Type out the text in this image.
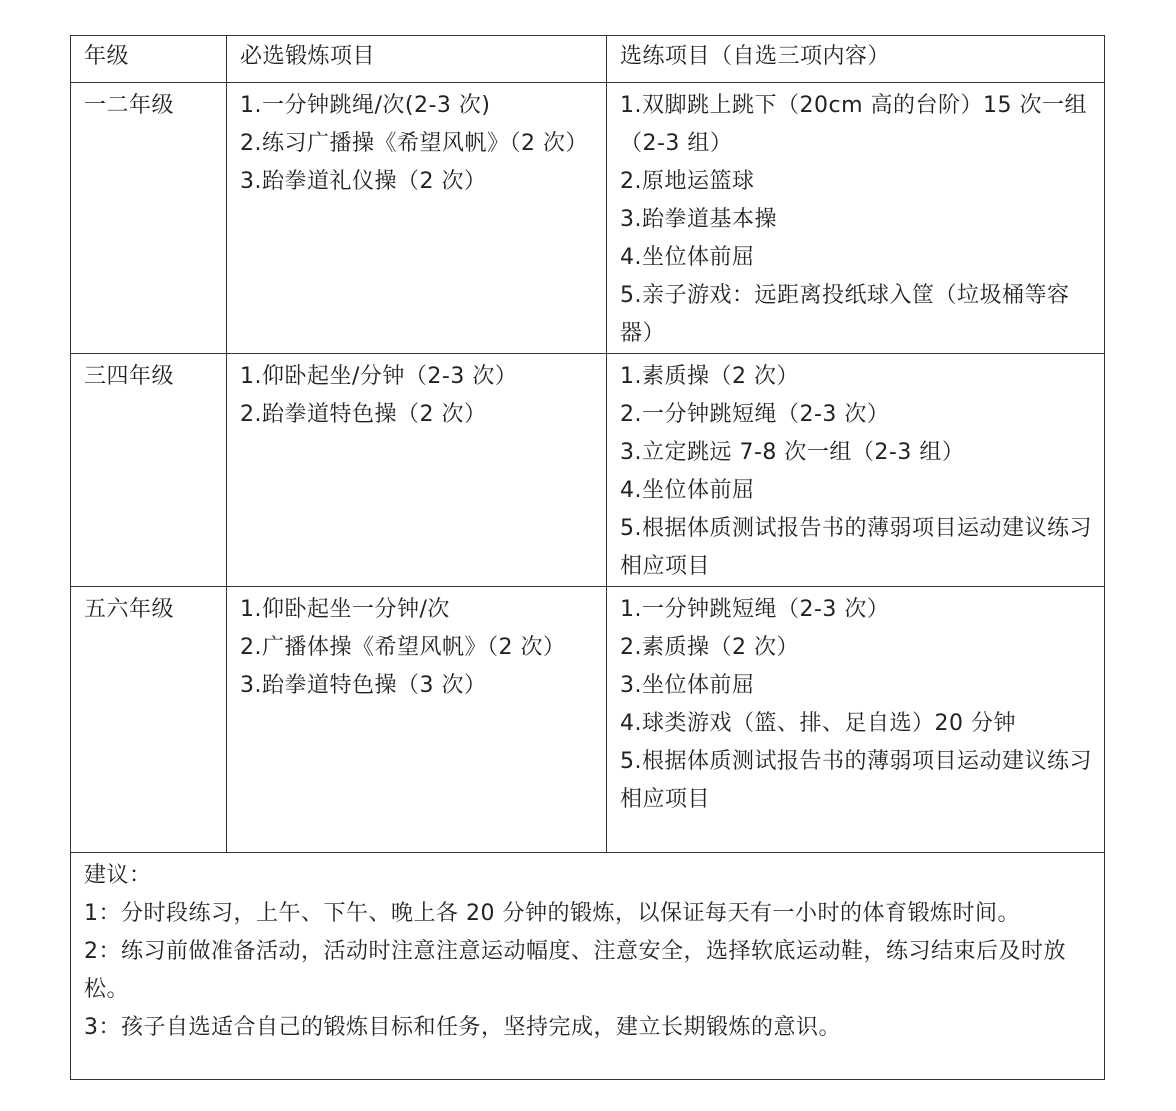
年级	必选锻炼项目	选练项目（自选三项内容）

一二年级	1.一分钟跳绳/次(2-3 次)
2.练习广播操《希望风帆》（2 次）
3.跆拳道礼仪操（2 次）	1.双脚跳上跳下（20cm 高的台阶）15 次一组（2-3 组）
2.原地运篮球
3.跆拳道基本操
4.坐位体前屈
5.亲子游戏：远距离投纸球入筐（垃圾桶等容器）

三四年级	1.仰卧起坐/分钟（2-3 次）
2.跆拳道特色操（2 次）	1.素质操（2 次）
2.一分钟跳短绳（2-3 次）
3.立定跳远 7-8 次一组（2-3 组）
4.坐位体前屈
5.根据体质测试报告书的薄弱项目运动建议练习相应项目

五六年级	1.仰卧起坐一分钟/次
2.广播体操《希望风帆》（2 次）
3.跆拳道特色操（3 次）	1.一分钟跳短绳（2-3 次）
2.素质操（2 次）
3.坐位体前屈
4.球类游戏（篮、排、足自选）20 分钟
5.根据体质测试报告书的薄弱项目运动建议练习相应项目

建议：
1：分时段练习，上午、下午、晚上各 20 分钟的锻炼，以保证每天有一小时的体育锻炼时间。
2：练习前做准备活动，活动时注意注意运动幅度、注意安全，选择软底运动鞋，练习结束后及时放松。
3：孩子自选适合自己的锻炼目标和任务，坚持完成，建立长期锻炼的意识。		
